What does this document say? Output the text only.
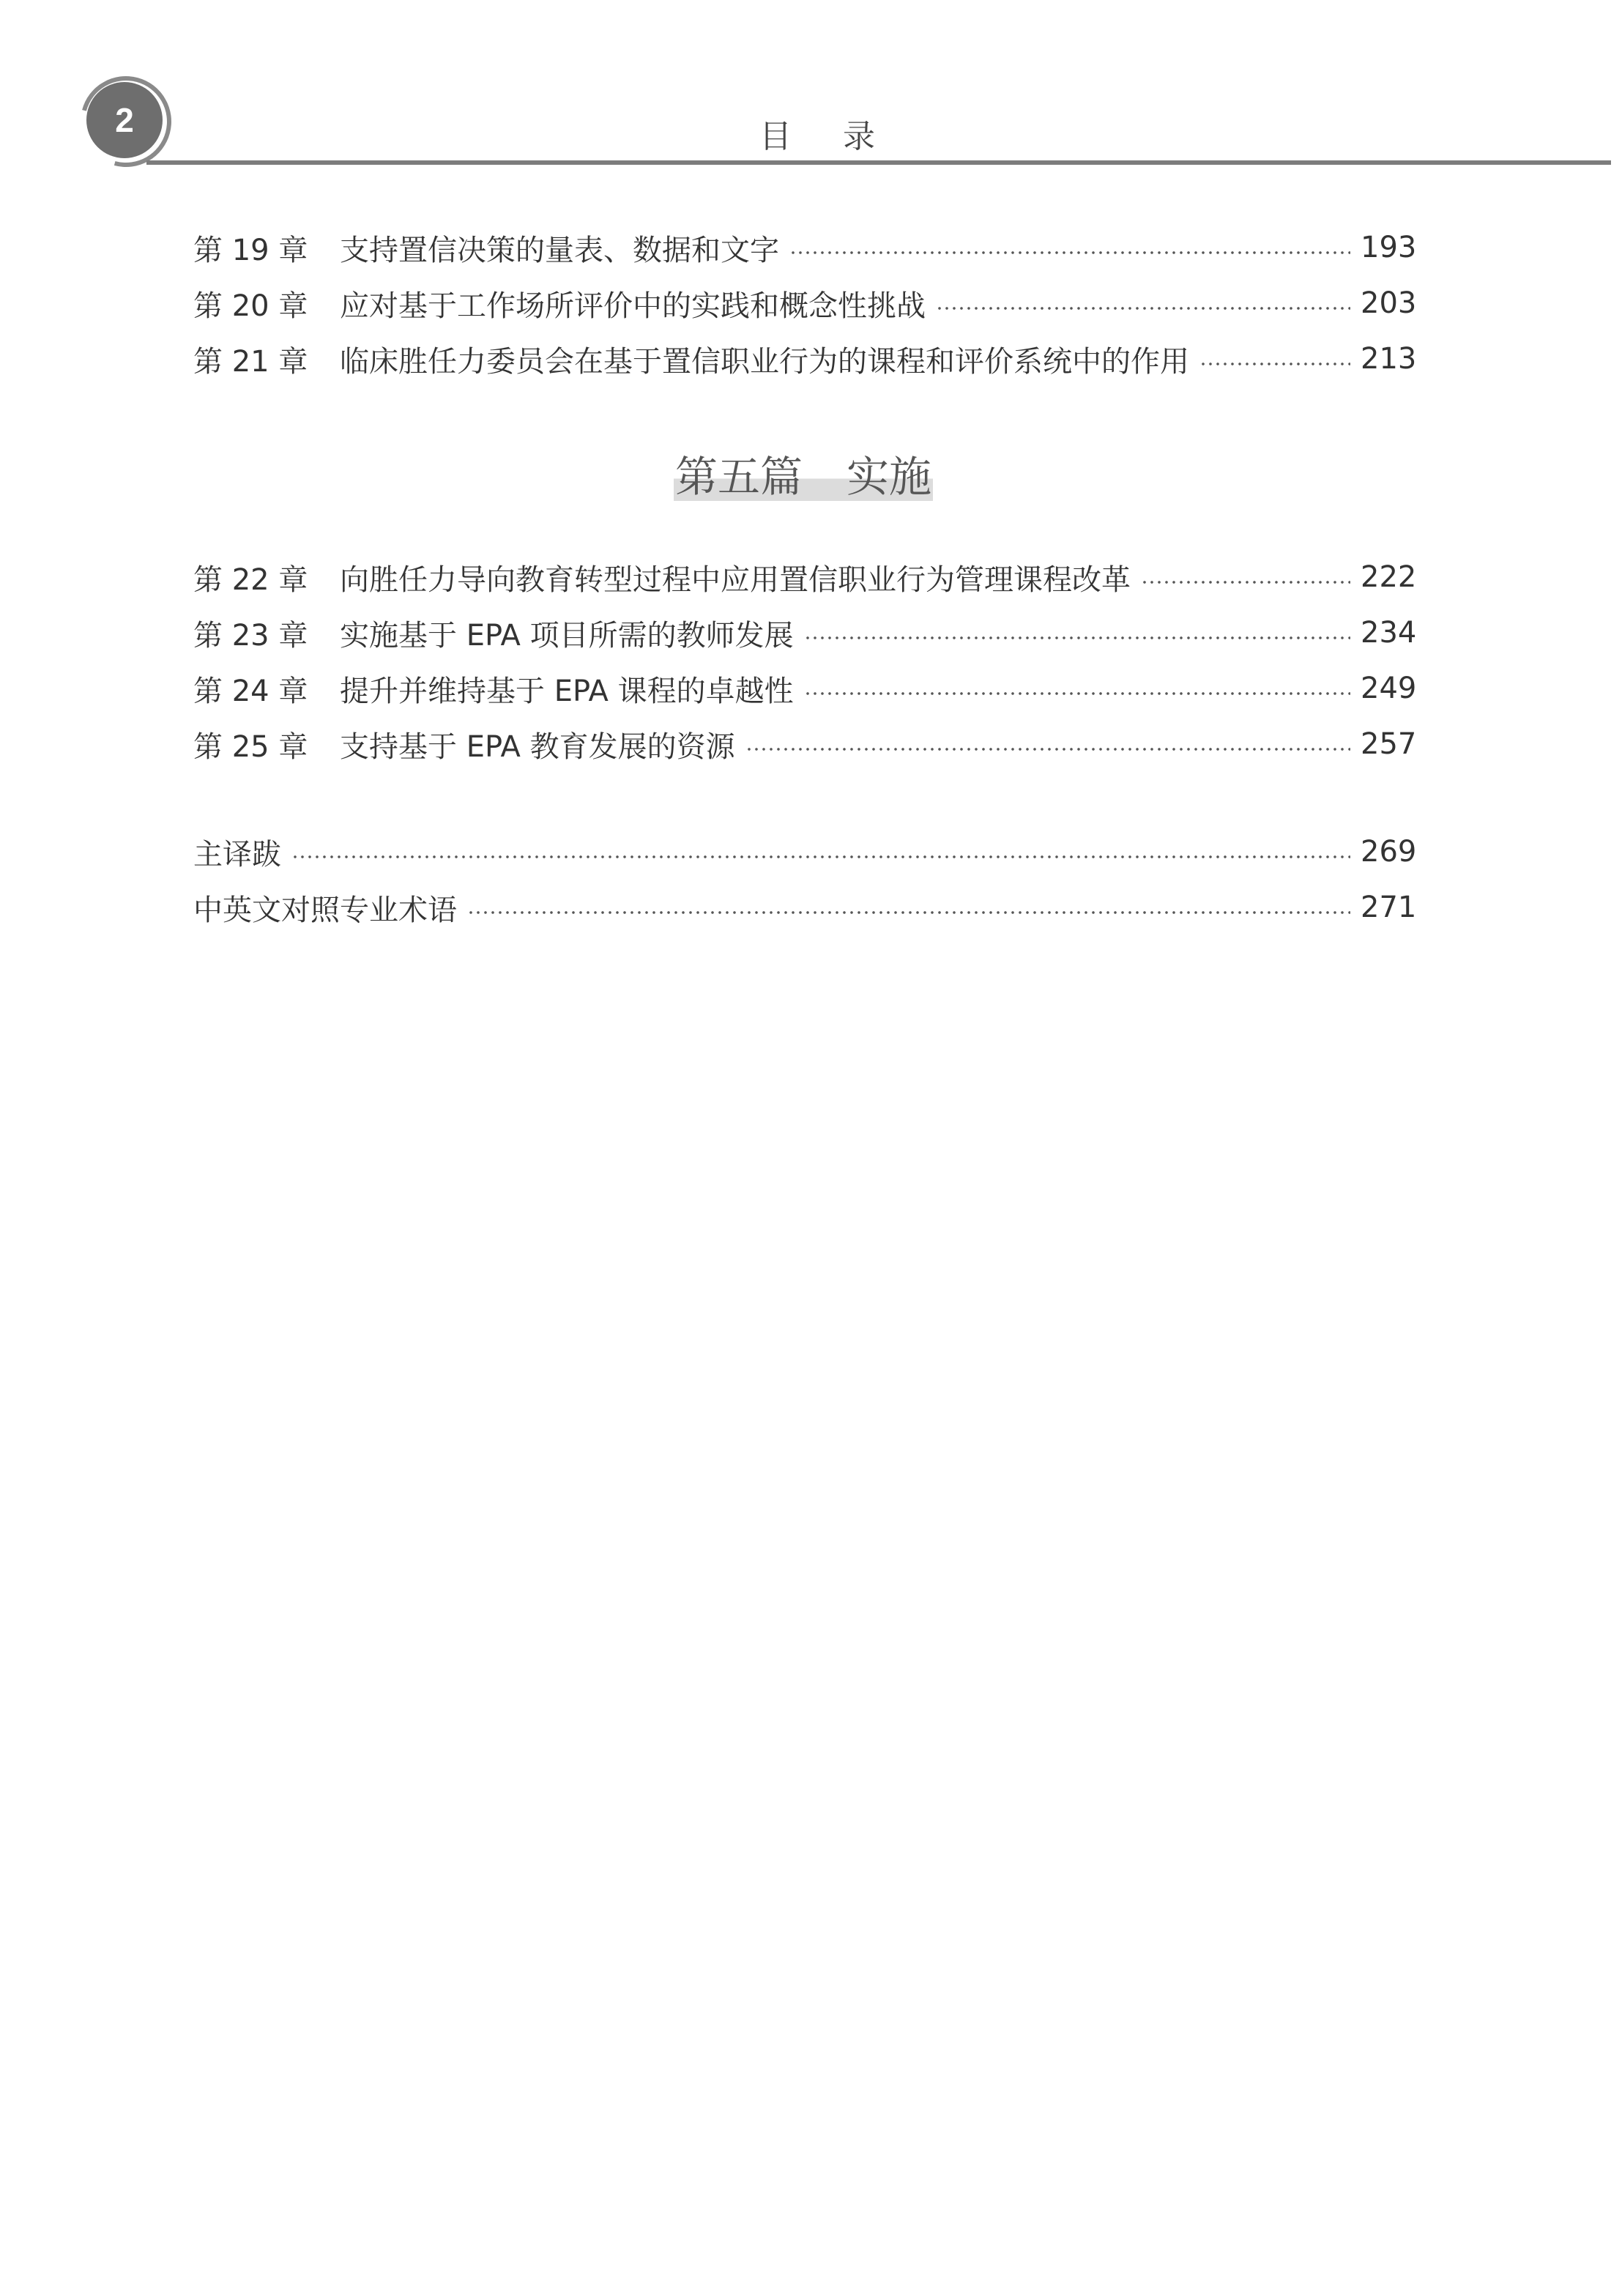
2	目 录
第 19 章	支持置信决策的量表、数据和文字	193
第 20 章	应对基于工作场所评价中的实践和概念性挑战	203
第 21 章	临床胜任力委员会在基于置信职业行为的课程和评价系统中的作用	213
第五篇 实施
第 22 章	向胜任力导向教育转型过程中应用置信职业行为管理课程改革	222
第 23 章	实施基于 EPA 项目所需的教师发展	234
第 24 章	提升并维持基于 EPA 课程的卓越性	249
第 25 章	支持基于 EPA 教育发展的资源	257
主译跋	269
中英文对照专业术语	271
